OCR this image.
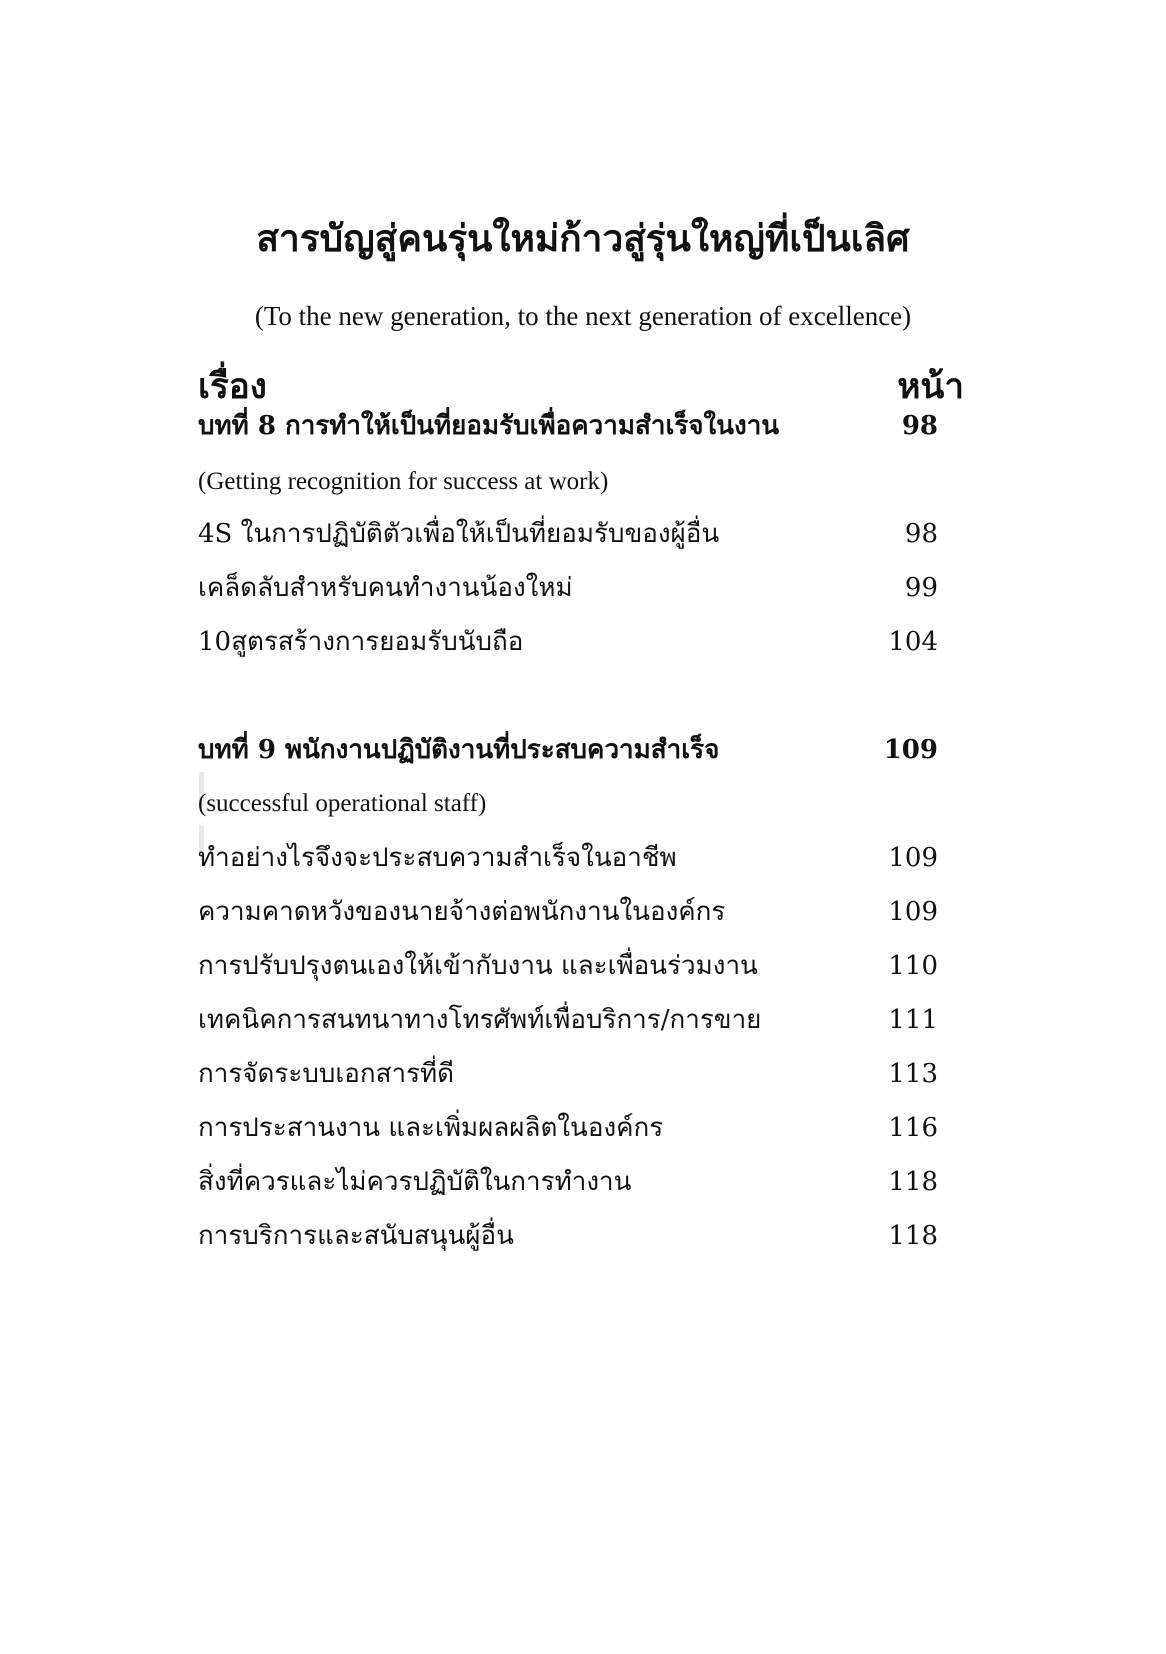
สารบัญสู่คนรุ่นใหม่ก้าวสู่รุ่นใหญ่ที่เป็นเลิศ
(To the new generation, to the next generation of excellence)
เรื่อง	หน้า
บทที่ 8 การทำให้เป็นที่ยอมรับเพื่อความสำเร็จในงาน	98
(Getting recognition for success at work)
4S ในการปฏิบัติตัวเพื่อให้เป็นที่ยอมรับของผู้อื่น	98
เคล็ดลับสำหรับคนทำงานน้องใหม่	99
10สูตรสร้างการยอมรับนับถือ	104
บทที่ 9 พนักงานปฏิบัติงานที่ประสบความสำเร็จ	109
(successful operational staff)
ทำอย่างไรจึงจะประสบความสำเร็จในอาชีพ	109
ความคาดหวังของนายจ้างต่อพนักงานในองค์กร	109
การปรับปรุงตนเองให้เข้ากับงาน และเพื่อนร่วมงาน	110
เทคนิคการสนทนาทางโทรศัพท์เพื่อบริการ/การขาย	111
การจัดระบบเอกสารที่ดี	113
การประสานงาน และเพิ่มผลผลิตในองค์กร	116
สิ่งที่ควรและไม่ควรปฏิบัติในการทำงาน	118
การบริการและสนับสนุนผู้อื่น	118
